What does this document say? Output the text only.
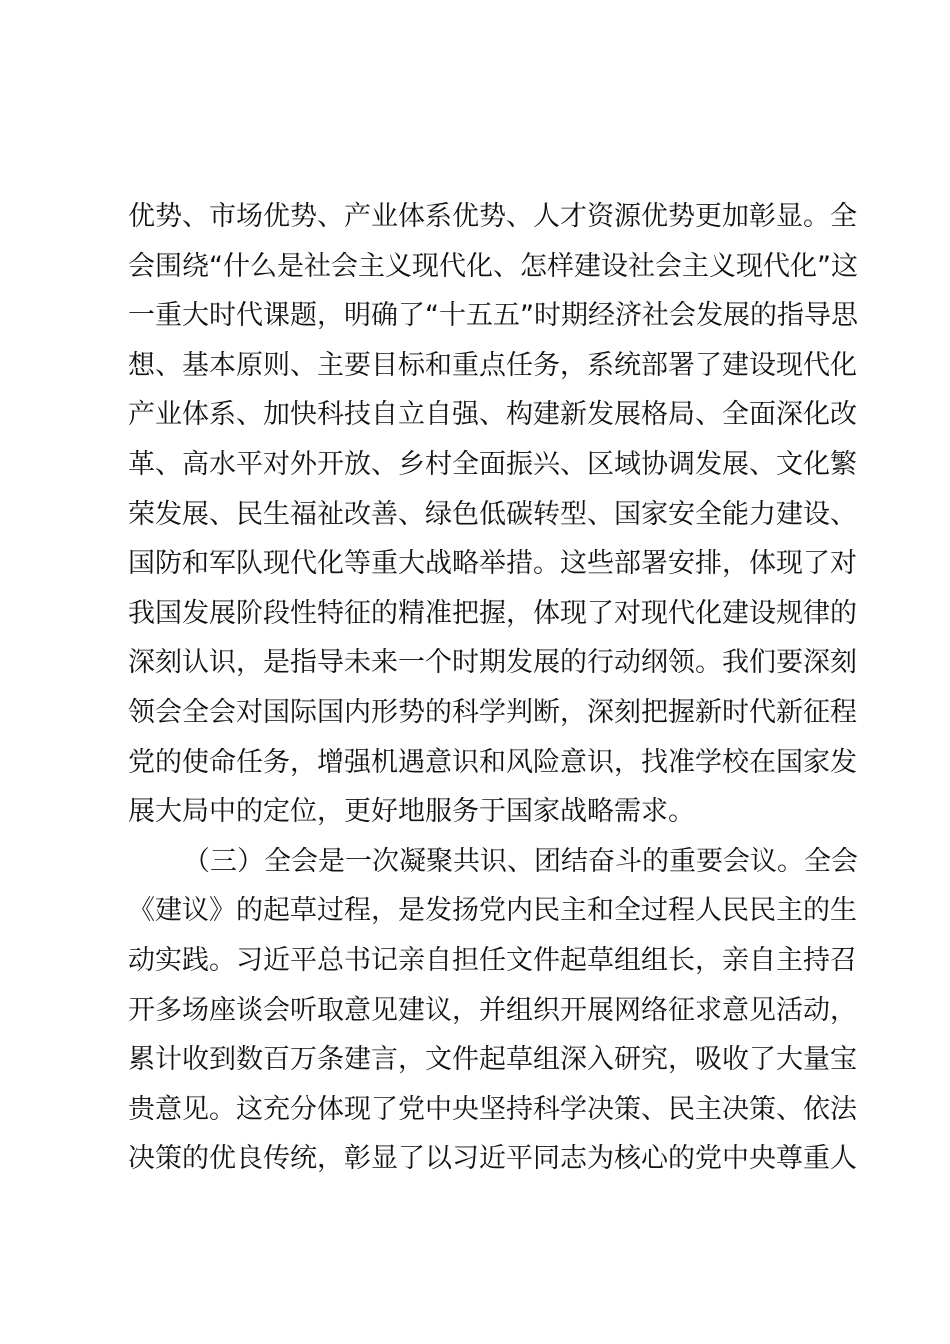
优势、市场优势、产业体系优势、人才资源优势更加彰显。全
会围绕“什么是社会主义现代化、怎样建设社会主义现代化”这
一重大时代课题，明确了“十五五”时期经济社会发展的指导思
想、基本原则、主要目标和重点任务，系统部署了建设现代化
产业体系、加快科技自立自强、构建新发展格局、全面深化改
革、高水平对外开放、乡村全面振兴、区域协调发展、文化繁
荣发展、民生福祉改善、绿色低碳转型、国家安全能力建设、
国防和军队现代化等重大战略举措。这些部署安排，体现了对
我国发展阶段性特征的精准把握，体现了对现代化建设规律的
深刻认识，是指导未来一个时期发展的行动纲领。我们要深刻
领会全会对国际国内形势的科学判断，深刻把握新时代新征程
党的使命任务，增强机遇意识和风险意识，找准学校在国家发
展大局中的定位，更好地服务于国家战略需求。
（三）全会是一次凝聚共识、团结奋斗的重要会议。全会
《建议》的起草过程，是发扬党内民主和全过程人民民主的生
动实践。习近平总书记亲自担任文件起草组组长，亲自主持召
开多场座谈会听取意见建议，并组织开展网络征求意见活动，
累计收到数百万条建言，文件起草组深入研究，吸收了大量宝
贵意见。这充分体现了党中央坚持科学决策、民主决策、依法
决策的优良传统，彰显了以习近平同志为核心的党中央尊重人
